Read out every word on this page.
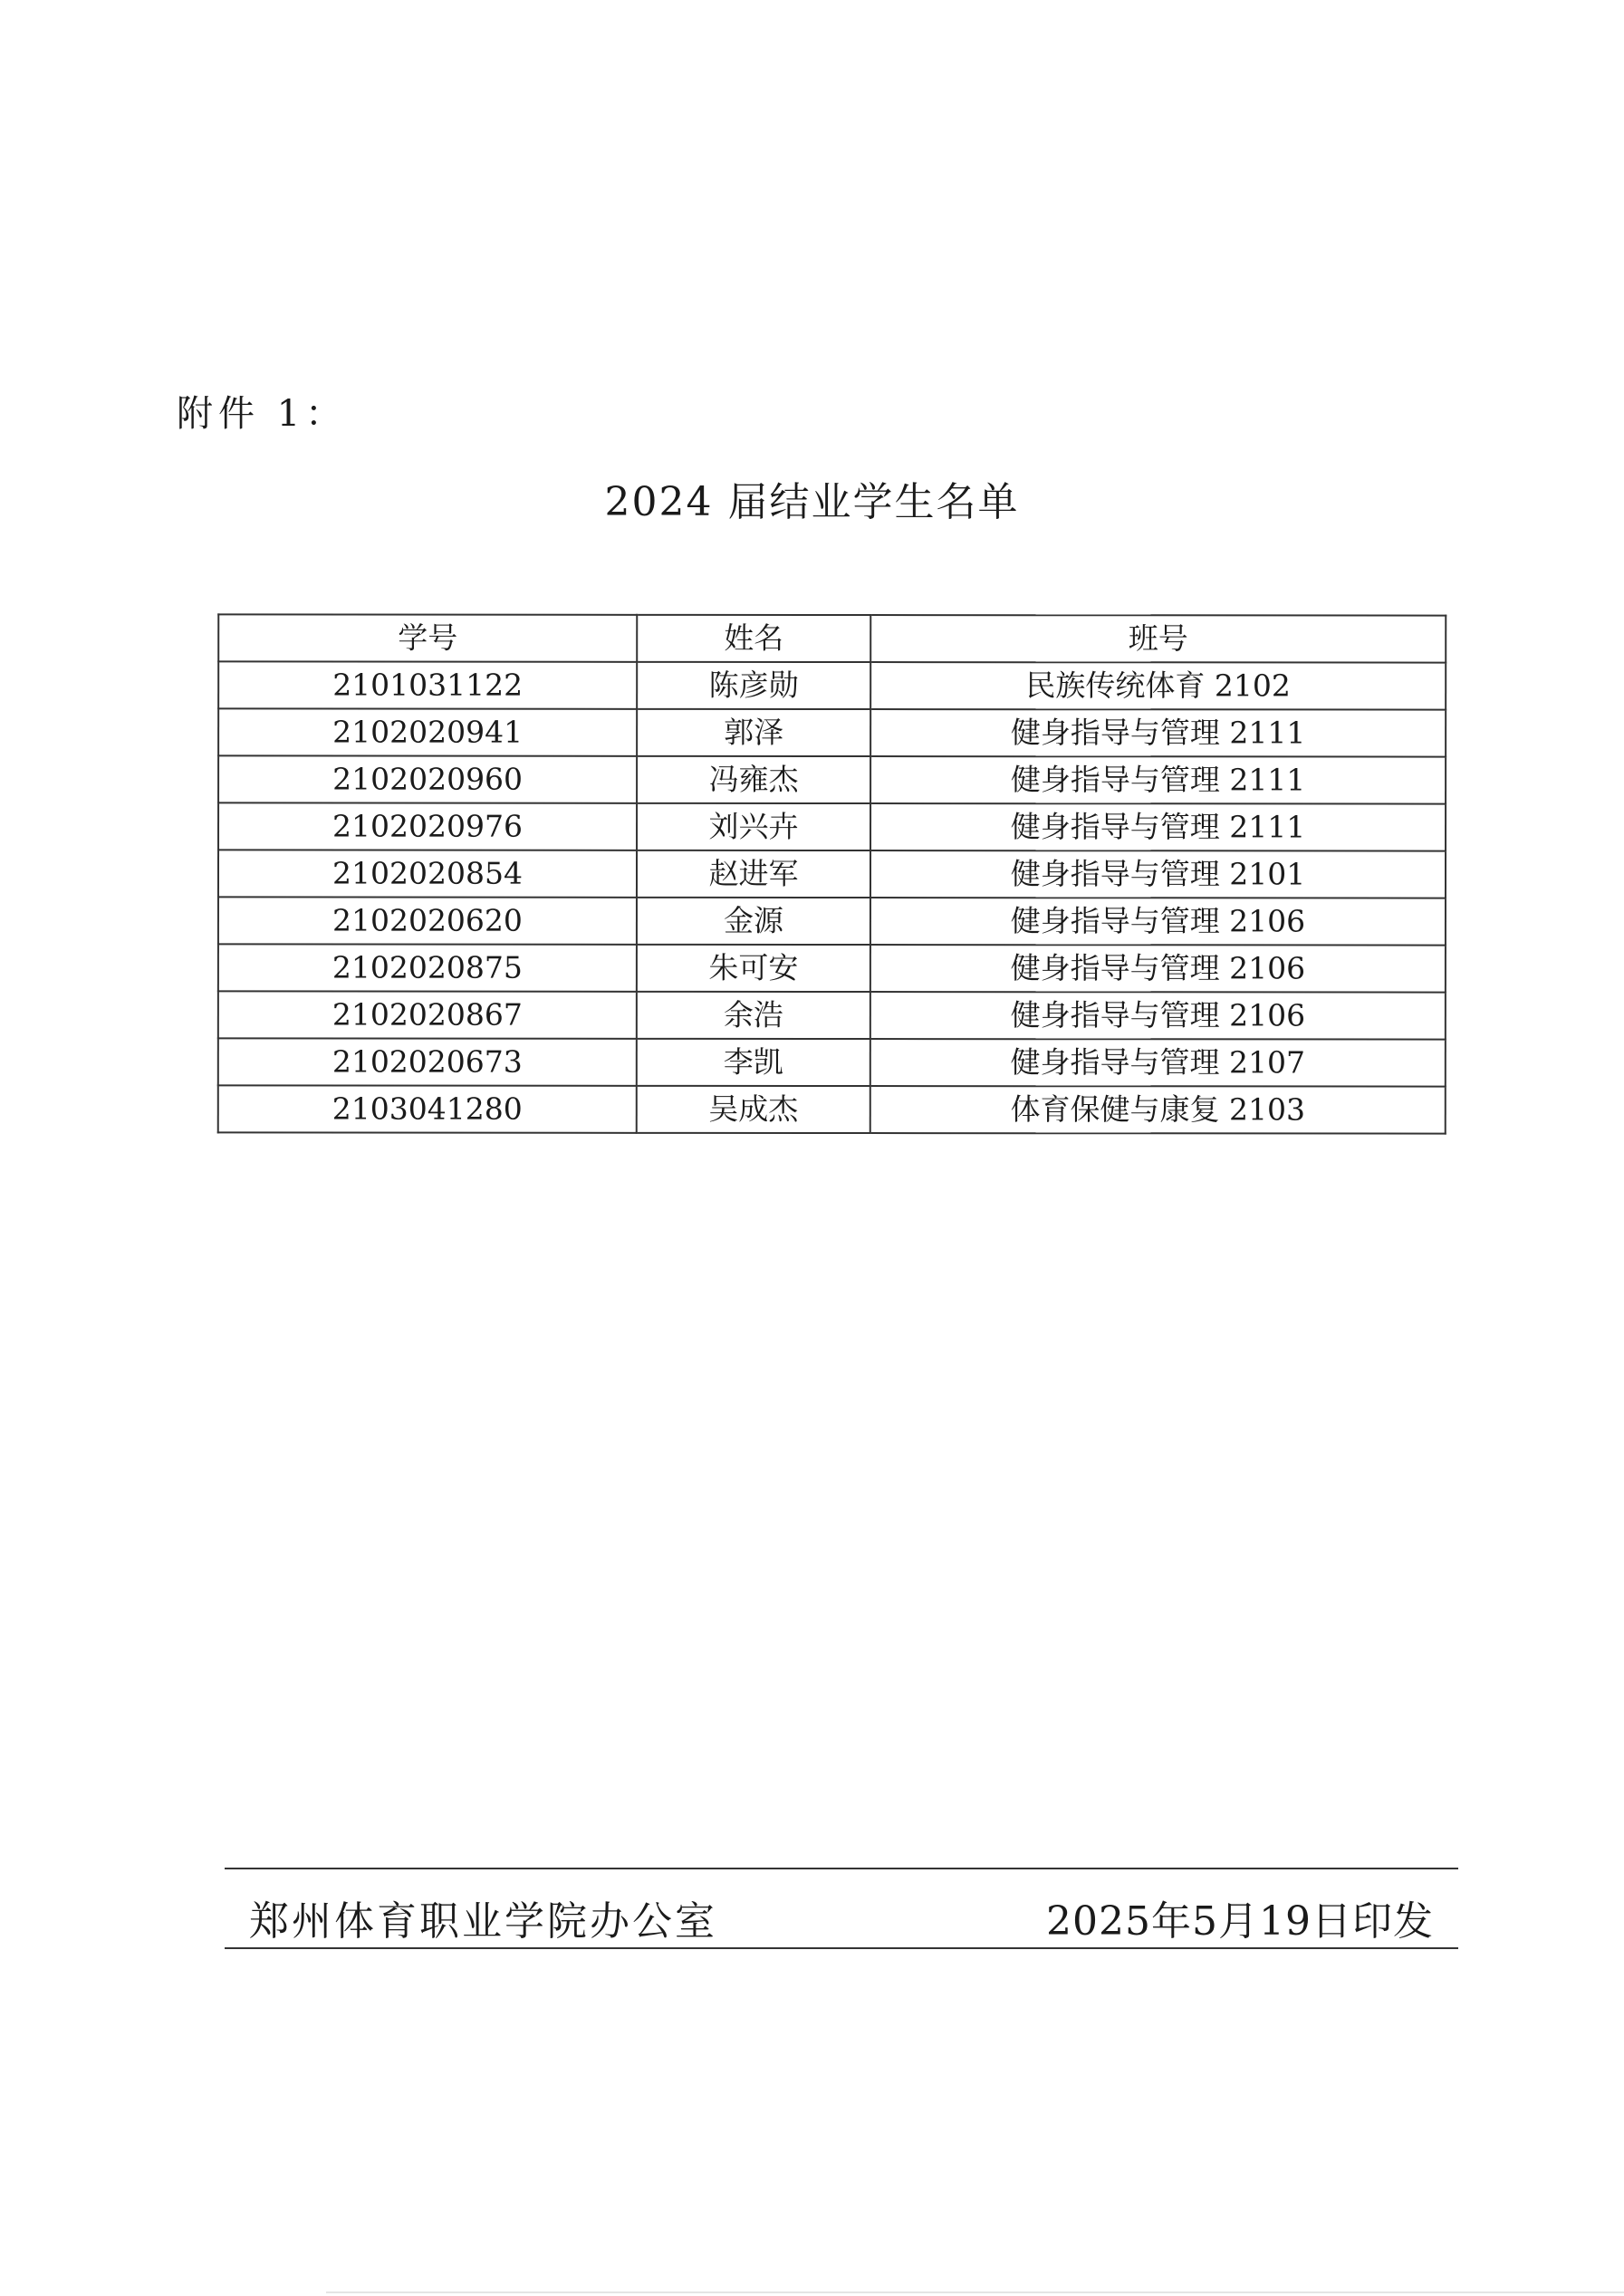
附件 1：
2024 届结业学生名单
学号	姓名	班号
2101031122	陈彦勋	民族传统体育 2102
2102020941	郭泽	健身指导与管理 2111
2102020960	冯雍杰	健身指导与管理 2111
2102020976	刘兴卉	健身指导与管理 2111
2102020854	赵进军	健身指导与管理 2101
2102020620	金源	健身指导与管理 2106
2102020875	朱可安	健身指导与管理 2106
2102020867	余浩	健身指导与管理 2106
2102020673	李凯	健身指导与管理 2107
2103041280	吴成杰	体育保健与康复 2103
郑州体育职业学院办公室	2025年5月19日印发
